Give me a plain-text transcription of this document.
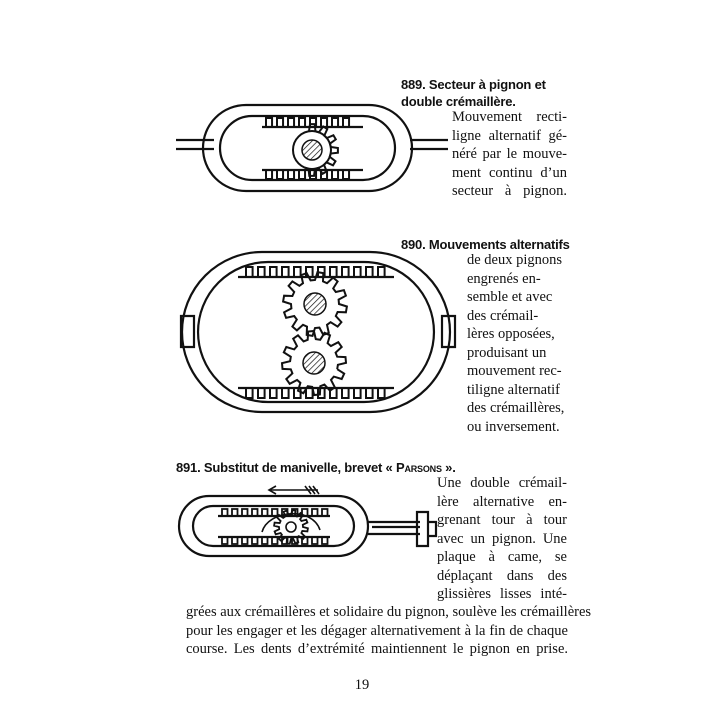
889. Secteur à pignon et
double crémaillère.
Mouvement recti-
ligne alternatif gé-
néré par le mouve-
ment continu d’un
secteur à pignon.
890. Mouvements alternatifs
de deux pignons
engrenés en-
semble et avec
des crémail-
lères opposées,
produisant un
mouvement rec-
tiligne alternatif
des crémaillères,
ou inversement.
891. Substitut de manivelle, brevet « Parsons ».
Une double crémail-
lère alternative en-
grenant tour à tour
avec un pignon. Une
plaque à came, se
déplaçant dans des
glissières lisses inté-
grées aux crémaillères et solidaire du pignon, soulève les crémaillères
pour les engager et les dégager alternativement à la fin de chaque
course. Les dents d’extrémité maintiennent le pignon en prise.
19
